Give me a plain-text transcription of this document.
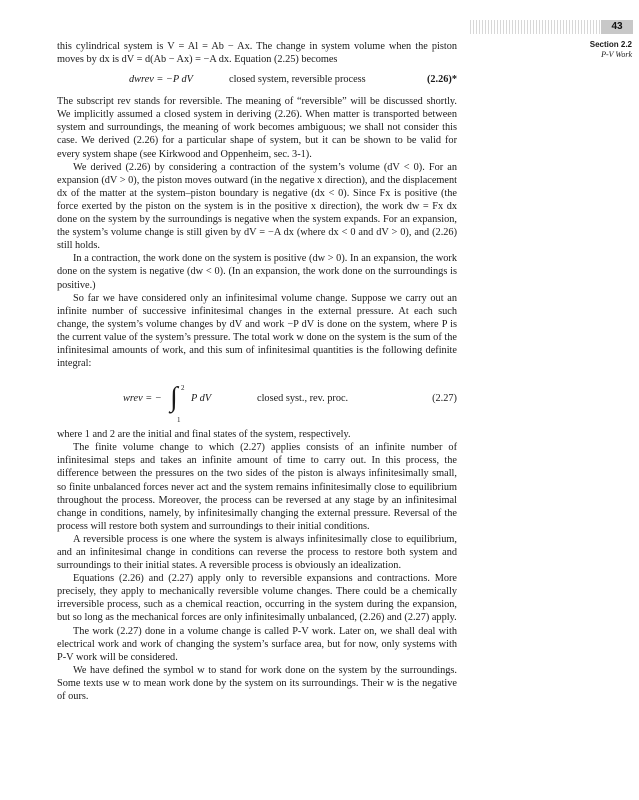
43
Section 2.2
P-V Work

this cylindrical system is V = Al = Ab − Ax. The change in system volume when the piston moves by dx is dV = d(Ab − Ax) = −A dx. Equation (2.25) becomes

dwrev = −P dV	closed system, reversible process	(2.26)*

The subscript rev stands for reversible. The meaning of “reversible” will be discussed shortly. We implicitly assumed a closed system in deriving (2.26). When matter is transported between system and surroundings, the meaning of work becomes ambiguous; we shall not consider this case. We derived (2.26) for a particular shape of system, but it can be shown to be valid for every system shape (see Kirkwood and Oppenheim, sec. 3-1).

We derived (2.26) by considering a contraction of the system’s volume (dV < 0). For an expansion (dV > 0), the piston moves outward (in the negative x direction), and the displacement dx of the matter at the system–piston boundary is negative (dx < 0). Since Fx is positive (the force exerted by the piston on the system is in the positive x direction), the work dw = Fx dx done on the system by the surroundings is negative when the system expands. For an expansion, the system’s volume change is still given by dV = −A dx (where dx < 0 and dV > 0), and (2.26) still holds.

In a contraction, the work done on the system is positive (dw > 0). In an expansion, the work done on the system is negative (dw < 0). (In an expansion, the work done on the surroundings is positive.)

So far we have considered only an infinitesimal volume change. Suppose we carry out an infinite number of successive infinitesimal changes in the external pressure. At each such change, the system’s volume changes by dV and work −P dV is done on the system, where P is the current value of the system’s pressure. The total work w done on the system is the sum of the infinitesimal amounts of work, and this sum of infinitesimal quantities is the following definite integral:

wrev = − ∫ 2
1
P dV	closed syst., rev. proc.	(2.27)

where 1 and 2 are the initial and final states of the system, respectively.

The finite volume change to which (2.27) applies consists of an infinite number of infinitesimal steps and takes an infinite amount of time to carry out. In this process, the difference between the pressures on the two sides of the piston is always infinitesimally small, so finite unbalanced forces never act and the system remains infinitesimally close to equilibrium throughout the process. Moreover, the process can be reversed at any stage by an infinitesimal change in conditions, namely, by infinitesimally changing the external pressure. Reversal of the process will restore both system and surroundings to their initial conditions.

A reversible process is one where the system is always infinitesimally close to equilibrium, and an infinitesimal change in conditions can reverse the process to restore both system and surroundings to their initial states. A reversible process is obviously an idealization.

Equations (2.26) and (2.27) apply only to reversible expansions and contractions. More precisely, they apply to mechanically reversible volume changes. There could be a chemically irreversible process, such as a chemical reaction, occurring in the system during the expansion, but so long as the mechanical forces are only infinitesimally unbalanced, (2.26) and (2.27) apply.

The work (2.27) done in a volume change is called P-V work. Later on, we shall deal with electrical work and work of changing the system’s surface area, but for now, only systems with P-V work will be considered.

We have defined the symbol w to stand for work done on the system by the surroundings. Some texts use w to mean work done by the system on its surroundings. Their w is the negative of ours.
